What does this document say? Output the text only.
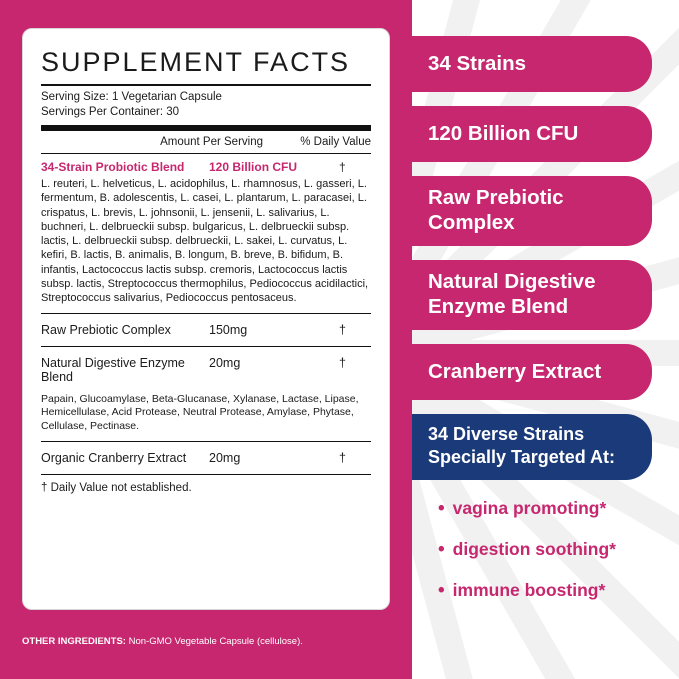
SUPPLEMENT FACTS
Serving Size: 1 Vegetarian Capsule
Servings Per Container: 30
Amount Per Serving	% Daily Value
34-Strain Probiotic Blend	120 Billion CFU	†
L. reuteri, L. helveticus, L. acidophilus, L. rhamnosus, L. gasseri, L. fermentum, B. adolescentis, L. casei, L. plantarum, L. paracasei, L. crispatus, L. brevis, L. johnsonii, L. jensenii, L. salivarius, L. buchneri, L. delbrueckii subsp. bulgaricus, L. delbrueckii subsp. lactis, L. delbrueckii subsp. delbrueckii, L. sakei, L. curvatus, L. kefiri, B. lactis, B. animalis, B. longum, B. breve, B. bifidum, B. infantis, Lactococcus lactis subsp. cremoris, Lactococcus lactis subsp. lactis, Streptococcus thermophilus, Pediococcus acidilactici, Streptococcus salivarius, Pediococcus pentosaceus.
Raw Prebiotic Complex	150mg	†
Natural Digestive Enzyme Blend
20mg	†
Papain, Glucoamylase, Beta-Glucanase, Xylanase, Lactase, Lipase, Hemicellulase, Acid Protease, Neutral Protease, Amylase, Phytase, Cellulase, Pectinase.
Organic Cranberry Extract	20mg	†
† Daily Value not established.
OTHER INGREDIENTS: Non-GMO Vegetable Capsule (cellulose).
34 Strains
120 Billion CFU
Raw Prebiotic Complex
Natural Digestive Enzyme Blend
Cranberry Extract
34 Diverse Strains Specially Targeted At:
• vagina promoting*
• digestion soothing*
• immune boosting*
